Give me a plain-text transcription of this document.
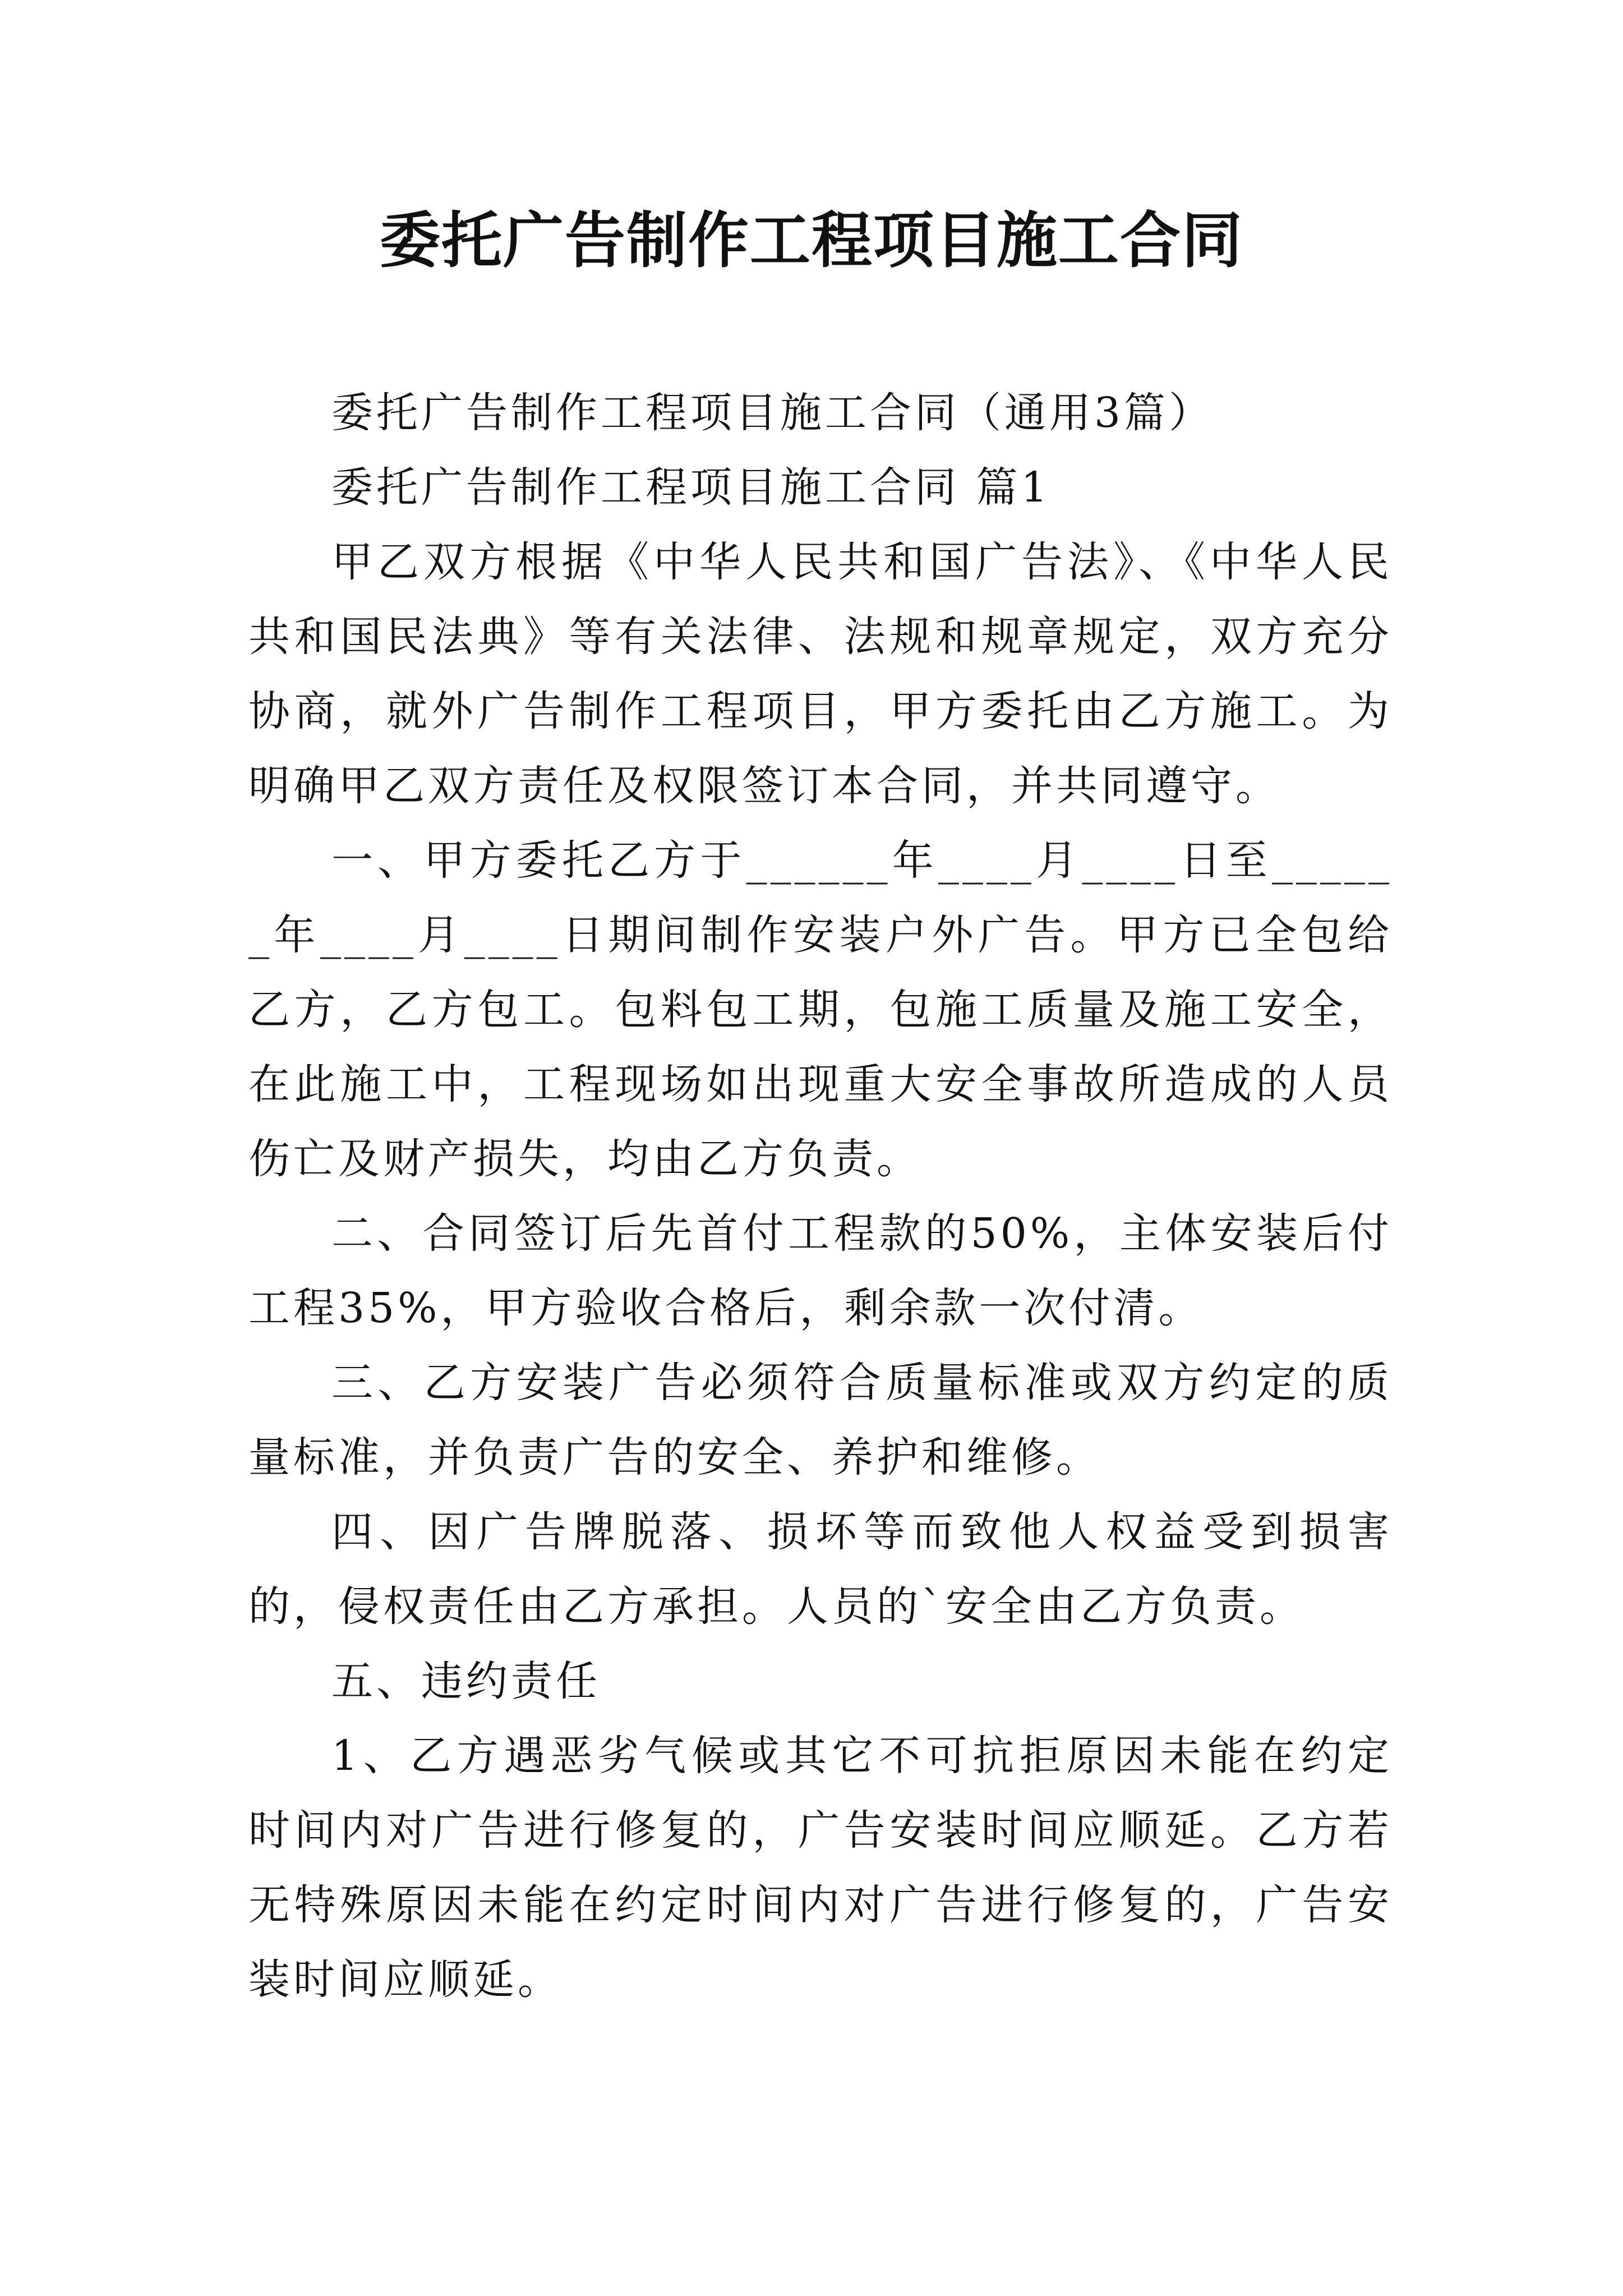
委托广告制作工程项目施工合同

委托广告制作工程项目施工合同（通用3篇）

委托广告制作工程项目施工合同 篇1

甲乙双方根据《中华人民共和国广告法》、《中华人民共和国民法典》等有关法律、法规和规章规定，双方充分协商，就外广告制作工程项目，甲方委托由乙方施工。为明确甲乙双方责任及权限签订本合同，并共同遵守。

一、甲方委托乙方于______年____月____日至______年____月____日期间制作安装户外广告。甲方已全包给乙方，乙方包工。包料包工期，包施工质量及施工安全，在此施工中，工程现场如出现重大安全事故所造成的人员伤亡及财产损失，均由乙方负责。

二、合同签订后先首付工程款的50%，主体安装后付工程35%，甲方验收合格后，剩余款一次付清。

三、乙方安装广告必须符合质量标准或双方约定的质量标准，并负责广告的安全、养护和维修。

四、因广告牌脱落、损坏等而致他人权益受到损害的，侵权责任由乙方承担。人员的`安全由乙方负责。

五、违约责任

1、乙方遇恶劣气候或其它不可抗拒原因未能在约定时间内对广告进行修复的，广告安装时间应顺延。乙方若无特殊原因未能在约定时间内对广告进行修复的，广告安装时间应顺延。
